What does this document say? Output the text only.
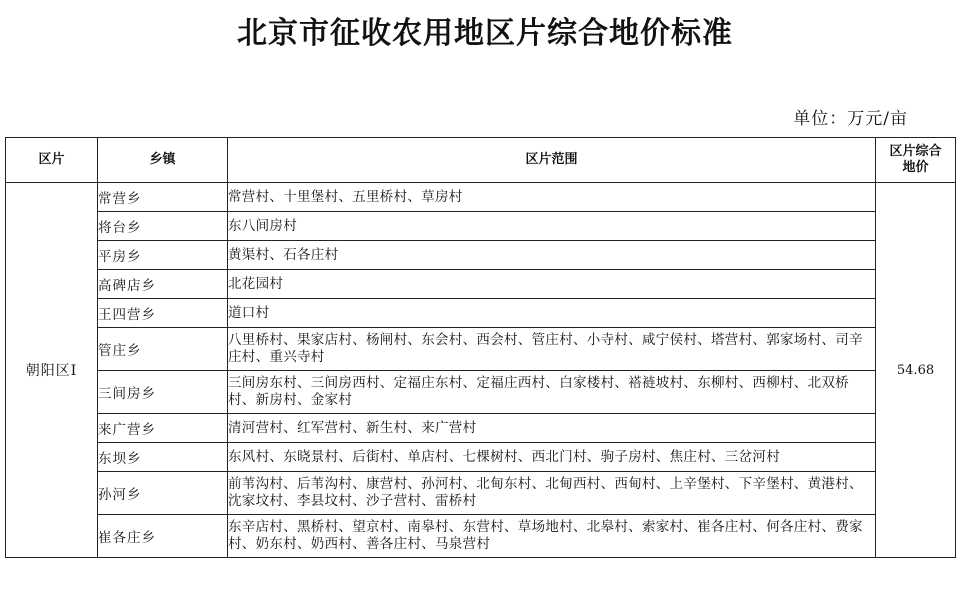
北京市征收农用地区片综合地价标准
单位：万元/亩
区片	乡镇	区片范围	区片综合地价

朝阳区Ⅰ	常营乡	常营村、十里堡村、五里桥村、草房村	54.68
	将台乡	东八间房村	
	平房乡	黄渠村、石各庄村	
	高碑店乡	北花园村	
	王四营乡	道口村	
	管庄乡	八里桥村、果家店村、杨闸村、东会村、西会村、管庄村、小寺村、咸宁侯村、塔营村、郭家场村、司辛庄村、重兴寺村	
	三间房乡	三间房东村、三间房西村、定福庄东村、定福庄西村、白家楼村、褡裢坡村、东柳村、西柳村、北双桥村、新房村、金家村	
	来广营乡	清河营村、红军营村、新生村、来广营村	
	东坝乡	东风村、东晓景村、后街村、单店村、七棵树村、西北门村、驹子房村、焦庄村、三岔河村	
	孙河乡	前苇沟村、后苇沟村、康营村、孙河村、北甸东村、北甸西村、西甸村、上辛堡村、下辛堡村、黄港村、沈家坟村、李县坟村、沙子营村、雷桥村	
	崔各庄乡	东辛店村、黑桥村、望京村、南皋村、东营村、草场地村、北皋村、索家村、崔各庄村、何各庄村、费家村、奶东村、奶西村、善各庄村、马泉营村	
